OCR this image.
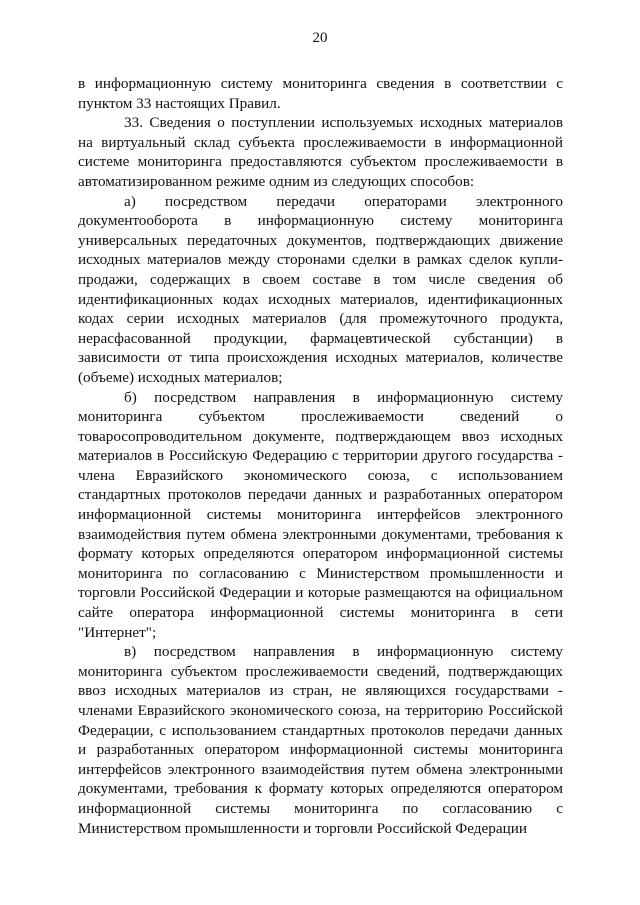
20

в информационную систему мониторинга сведения в соответствии с пунктом 33 настоящих Правил.

33. Сведения о поступлении используемых исходных материалов на виртуальный склад субъекта прослеживаемости в информационной системе мониторинга предоставляются субъектом прослеживаемости в автоматизированном режиме одним из следующих способов:

а) посредством передачи операторами электронного документооборота в информационную систему мониторинга универсальных передаточных документов, подтверждающих движение исходных материалов между сторонами сделки в рамках сделок купли-продажи, содержащих в своем составе в том числе сведения об идентификационных кодах исходных материалов, идентификационных кодах серии исходных материалов (для промежуточного продукта, нерасфасованной продукции, фармацевтической субстанции) в зависимости от типа происхождения исходных материалов, количестве (объеме) исходных материалов;

б) посредством направления в информационную систему мониторинга субъектом прослеживаемости сведений о товаросопроводительном документе, подтверждающем ввоз исходных материалов в Российскую Федерацию с территории другого государства - члена Евразийского экономического союза, с использованием стандартных протоколов передачи данных и разработанных оператором информационной системы мониторинга интерфейсов электронного взаимодействия путем обмена электронными документами, требования к формату которых определяются оператором информационной системы мониторинга по согласованию с Министерством промышленности и торговли Российской Федерации и которые размещаются на официальном сайте оператора информационной системы мониторинга в сети "Интернет";

в) посредством направления в информационную систему мониторинга субъектом прослеживаемости сведений, подтверждающих ввоз исходных материалов из стран, не являющихся государствами - членами Евразийского экономического союза, на территорию Российской Федерации, с использованием стандартных протоколов передачи данных и разработанных оператором информационной системы мониторинга интерфейсов электронного взаимодействия путем обмена электронными документами, требования к формату которых определяются оператором информационной системы мониторинга по согласованию с Министерством промышленности и торговли Российской Федерации
